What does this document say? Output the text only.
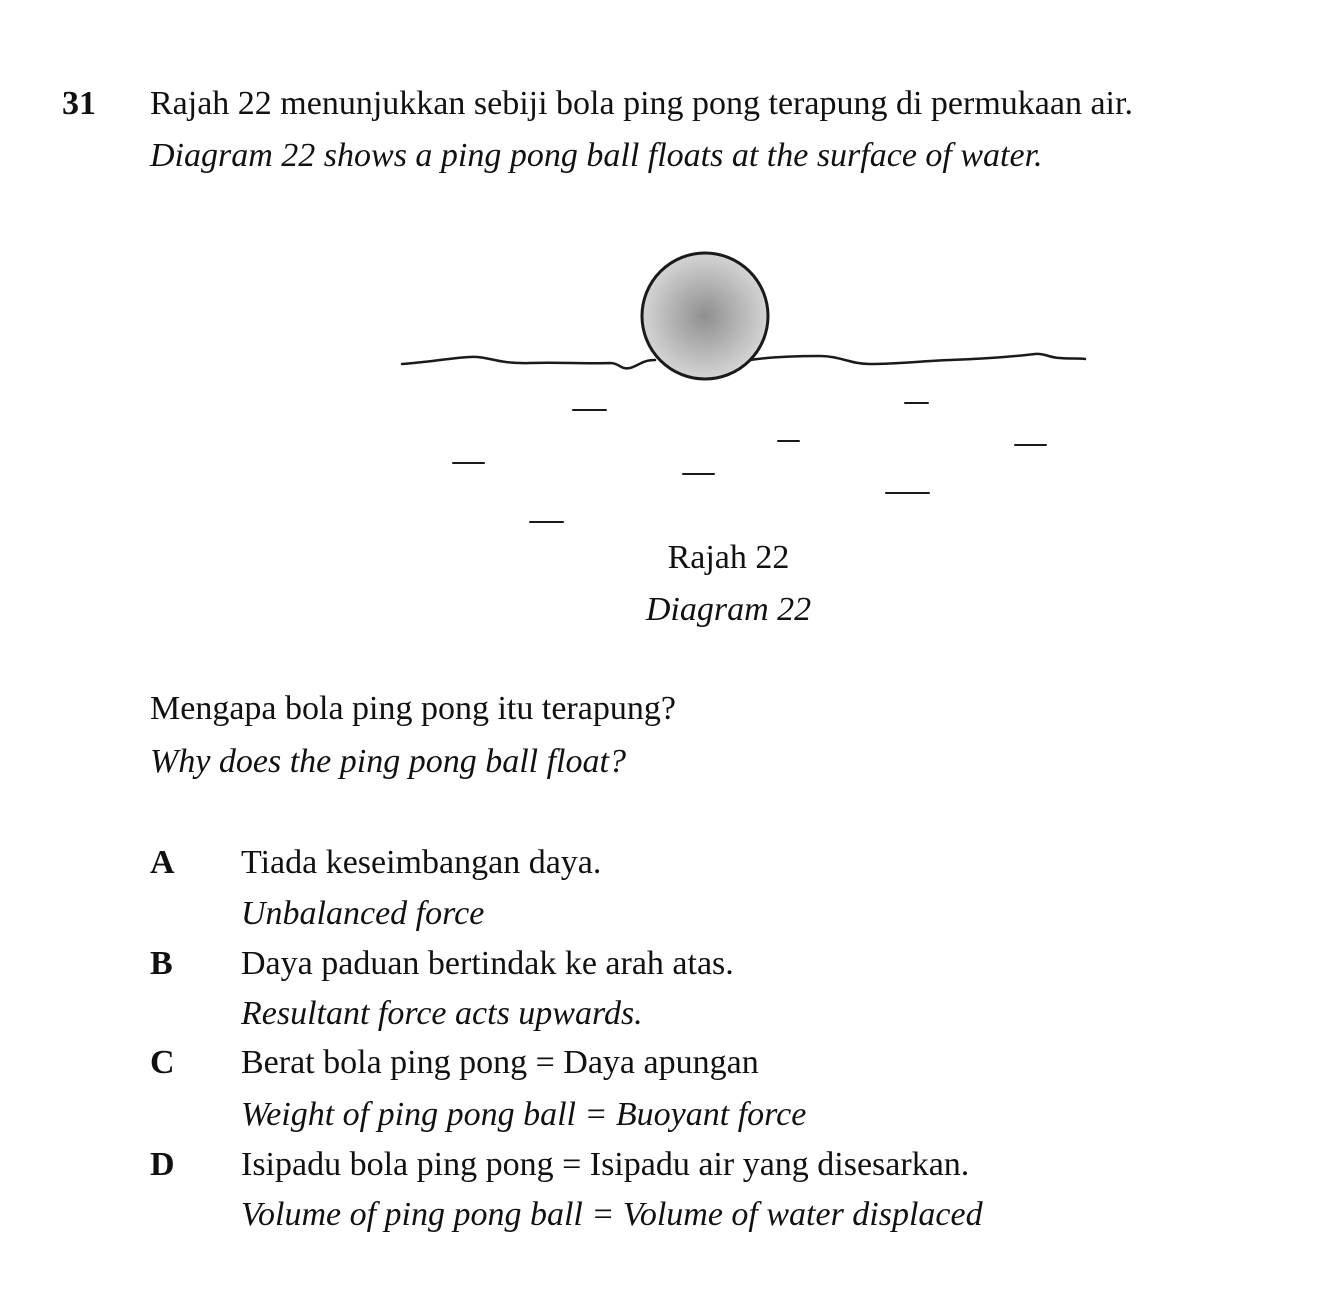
31 Rajah 22 menunjukkan sebiji bola ping pong terapung di permukaan air.
Diagram 22 shows a ping pong ball floats at the surface of water.
Rajah 22
Diagram 22
Mengapa bola ping pong itu terapung?
Why does the ping pong ball float?
A Tiada keseimbangan daya.
Unbalanced force
B Daya paduan bertindak ke arah atas.
Resultant force acts upwards.
C Berat bola ping pong = Daya apungan
Weight of ping pong ball = Buoyant force
D Isipadu bola ping pong = Isipadu air yang disesarkan.
Volume of ping pong ball = Volume of water displaced
